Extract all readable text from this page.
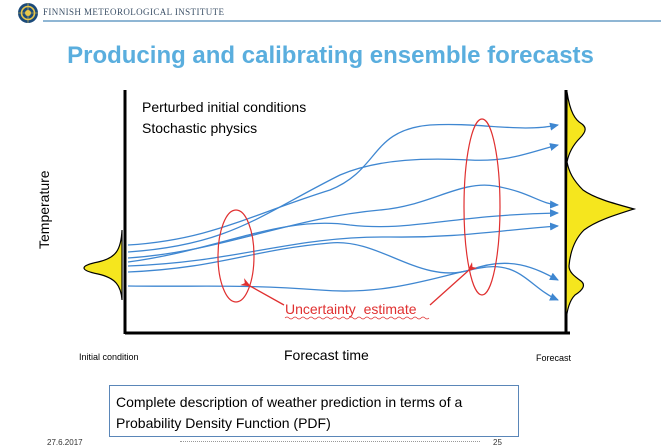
FINNISH METEOROLOGICAL INSTITUTE
Producing and calibrating ensemble forecasts
Perturbed initial conditions
Stochastic physics
Temperature
Forecast time
Initial condition	Forecast
Uncertainty  estimate
Complete description of weather prediction in terms of a
Probability Density Function (PDF)
27.6.2017	25
